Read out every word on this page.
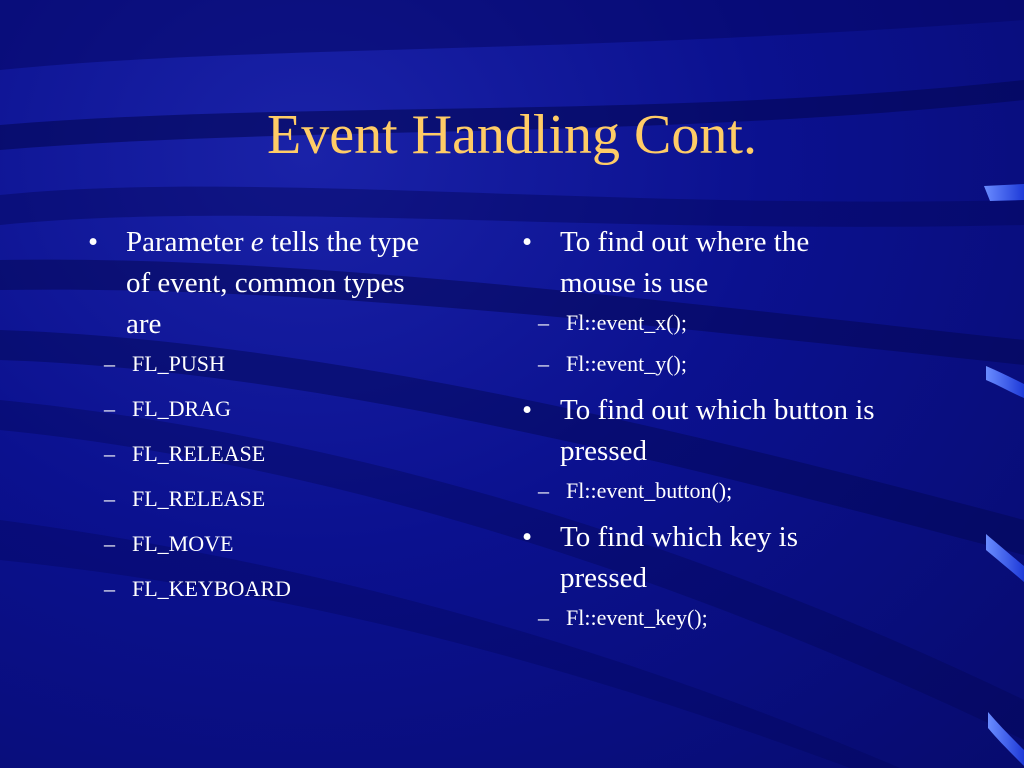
Event Handling Cont.
• Parameter e tells the type of event, common types are
– FL_PUSH
– FL_DRAG
– FL_RELEASE
– FL_RELEASE
– FL_MOVE
– FL_KEYBOARD
• To find out where the mouse is use
– Fl::event_x();
– Fl::event_y();
• To find out which button is pressed
– Fl::event_button();
• To find which key is pressed
– Fl::event_key();
